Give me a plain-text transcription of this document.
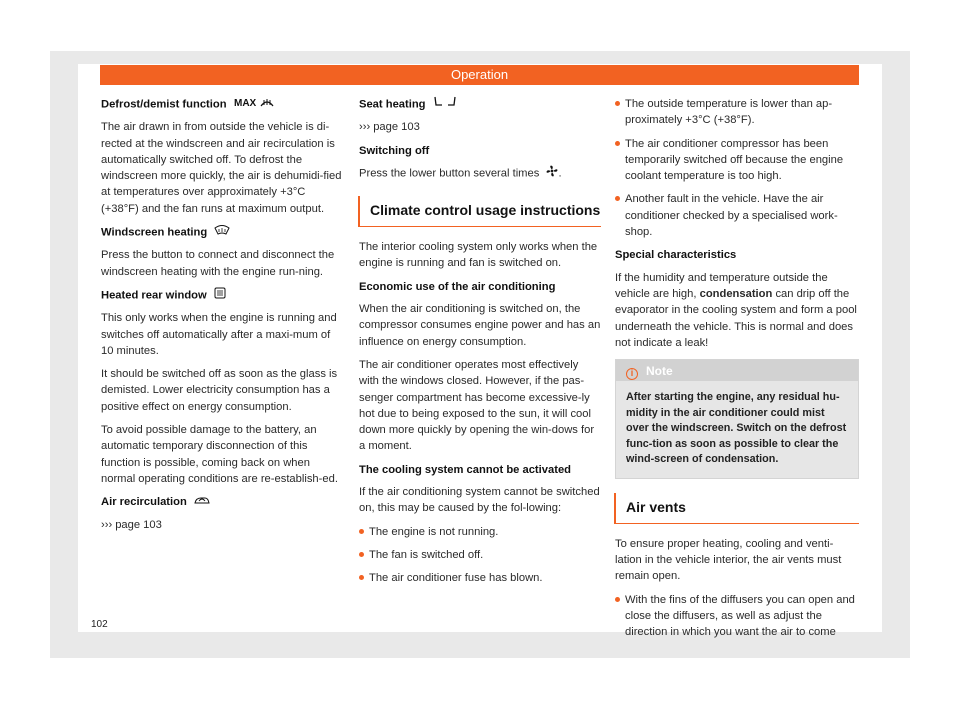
Operation

Defrost/demist function MAX

The air drawn in from outside the vehicle is di-rected at the windscreen and air recirculation is automatically switched off. To defrost the windscreen more quickly, the air is dehumidi-fied at temperatures over approximately +3°C (+38°F) and the fan runs at maximum output.

Windscreen heating

Press the button to connect and disconnect the windscreen heating with the engine run-ning.

Heated rear window

This only works when the engine is running and switches off automatically after a maxi-mum of 10 minutes.

It should be switched off as soon as the glass is demisted. Lower electricity consumption has a positive effect on energy consumption.

To avoid possible damage to the battery, an automatic temporary disconnection of this function is possible, coming back on when normal operating conditions are re-establish-ed.

Air recirculation

››› page 103

Seat heating

››› page 103

Switching off

Press the lower button several times .

Climate control usage instructions

The interior cooling system only works when the engine is running and fan is switched on.

Economic use of the air conditioning

When the air conditioning is switched on, the compressor consumes engine power and has an influence on energy consumption.

The air conditioner operates most effectively with the windows closed. However, if the pas-senger compartment has become excessive-ly hot due to being exposed to the sun, it will cool down more quickly by opening the win-dows for a moment.

The cooling system cannot be activated

If the air conditioning system cannot be switched on, this may be caused by the fol-lowing:

The engine is not running.

The fan is switched off.

The air conditioner fuse has blown.

The outside temperature is lower than ap-proximately +3°C (+38°F).

The air conditioner compressor has been temporarily switched off because the engine coolant temperature is too high.

Another fault in the vehicle. Have the air conditioner checked by a specialised work-shop.

Special characteristics

If the humidity and temperature outside the vehicle are high, condensation can drip off the evaporator in the cooling system and form a pool underneath the vehicle. This is normal and does not indicate a leak!

i Note
After starting the engine, any residual hu-midity in the air conditioner could mist over the windscreen. Switch on the defrost func-tion as soon as possible to clear the wind-screen of condensation.
Air vents

To ensure proper heating, cooling and venti-lation in the vehicle interior, the air vents must remain open.

With the fins of the diffusers you can open and close the diffusers, as well as adjust the direction in which you want the air to come

102
